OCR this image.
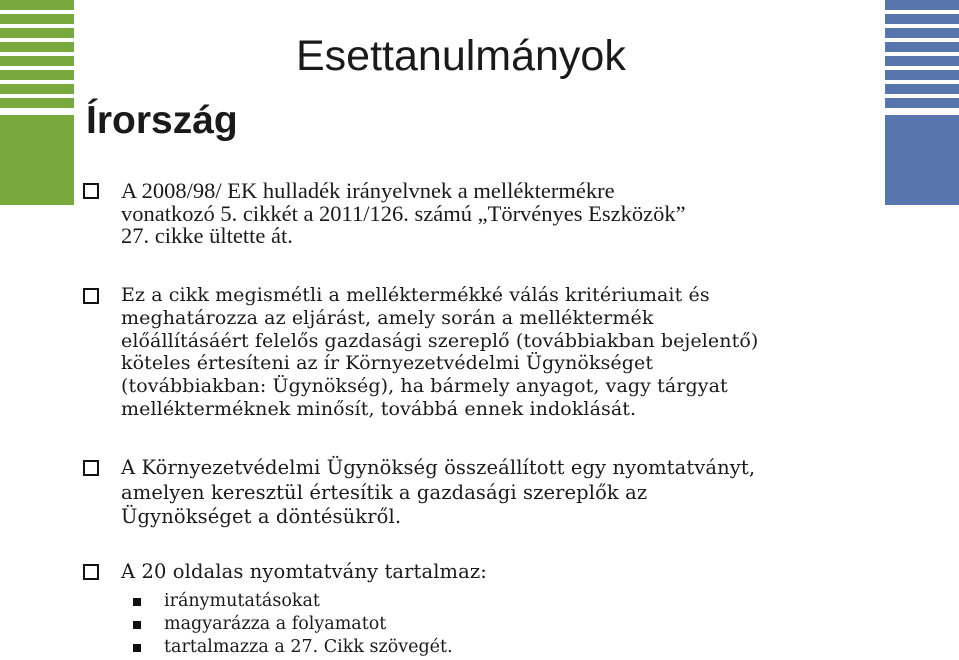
Esettanulmányok
Írország
A 2008/98/ EK hulladék irányelvnek a melléktermékre
vonatkozó 5. cikkét a 2011/126. számú „Törvényes Eszközök”
27. cikke ültette át.
Ez a cikk megismétli a melléktermékké válás kritériumait és
meghatározza az eljárást, amely során a melléktermék
előállításáért felelős gazdasági szereplő (továbbiakban bejelentő)
köteles értesíteni az ír Környezetvédelmi Ügynökséget
(továbbiakban: Ügynökség), ha bármely anyagot, vagy tárgyat
mellékterméknek minősít, továbbá ennek indoklását.
A Környezetvédelmi Ügynökség összeállított egy nyomtatványt,
amelyen keresztül értesítik a gazdasági szereplők az
Ügynökséget a döntésükről.
A 20 oldalas nyomtatvány tartalmaz:
iránymutatásokat
magyarázza a folyamatot
tartalmazza a 27. Cikk szövegét.
